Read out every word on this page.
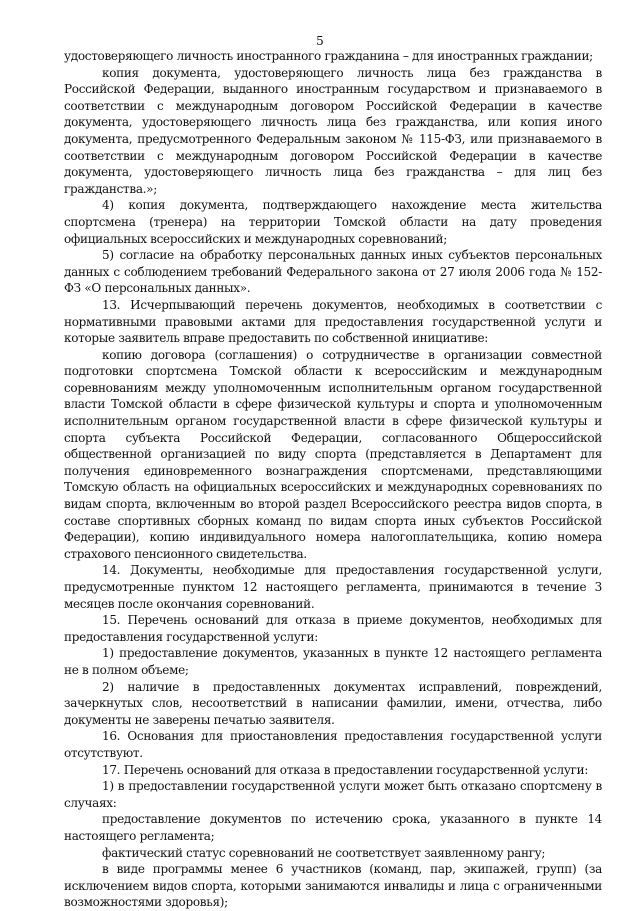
5

удостоверяющего личность иностранного гражданина – для иностранных граждании;

копия документа, удостоверяющего личность лица без гражданства в Российской Федерации, выданного иностранным государством и признаваемого в соответствии с международным договором Российской Федерации в качестве документа, удостоверяющего личность лица без гражданства, или копия иного документа, предусмотренного Федеральным законом № 115-ФЗ, или признаваемого в соответствии с международным договором Российской Федерации в качестве документа, удостоверяющего личность лица без гражданства – для лиц без гражданства.»;

4) копия документа, подтверждающего нахождение места жительства спортсмена (тренера) на территории Томской области на дату проведения официальных всероссийских и международных соревнований;

5) согласие на обработку персональных данных иных субъектов персональных данных с соблюдением требований Федерального закона от 27 июля 2006 года № 152-ФЗ «О персональных данных».

13. Исчерпывающий перечень документов, необходимых в соответствии с нормативными правовыми актами для предоставления государственной услуги и которые заявитель вправе предоставить по собственной инициативе:

копию договора (соглашения) о сотрудничестве в организации совместной подготовки спортсмена Томской области к всероссийским и международным соревнованиям между уполномоченным исполнительным органом государственной власти Томской области в сфере физической культуры и спорта и уполномоченным исполнительным органом государственной власти в сфере физической культуры и спорта субъекта Российской Федерации, согласованного Общероссийской общественной организацией по виду спорта (представляется в Департамент для получения единовременного вознаграждения спортсменами, представляющими Томскую область на официальных всероссийских и международных соревнованиях по видам спорта, включенным во второй раздел Всероссийского реестра видов спорта, в составе спортивных сборных команд по видам спорта иных субъектов Российской Федерации), копию индивидуального номера налогоплательщика, копию номера страхового пенсионного свидетельства.

14. Документы, необходимые для предоставления государственной услуги, предусмотренные пунктом 12 настоящего регламента, принимаются в течение 3 месяцев после окончания соревнований.

15. Перечень оснований для отказа в приеме документов, необходимых для предоставления государственной услуги:

1) предоставление документов, указанных в пункте 12 настоящего регламента не в полном объеме;

2) наличие в предоставленных документах исправлений, повреждений, зачеркнутых слов, несоответствий в написании фамилии, имени, отчества, либо документы не заверены печатью заявителя.

16. Основания для приостановления предоставления государственной услуги отсутствуют.

17. Перечень оснований для отказа в предоставлении государственной услуги:

1) в предоставлении государственной услуги может быть отказано спортсмену в случаях:

предоставление документов по истечению срока, указанного в пункте 14 настоящего регламента;

фактический статус соревнований не соответствует заявленному рангу;

в виде программы менее 6 участников (команд, пар, экипажей, групп) (за исключением видов спорта, которыми занимаются инвалиды и лица с ограниченными возможностями здоровья);
